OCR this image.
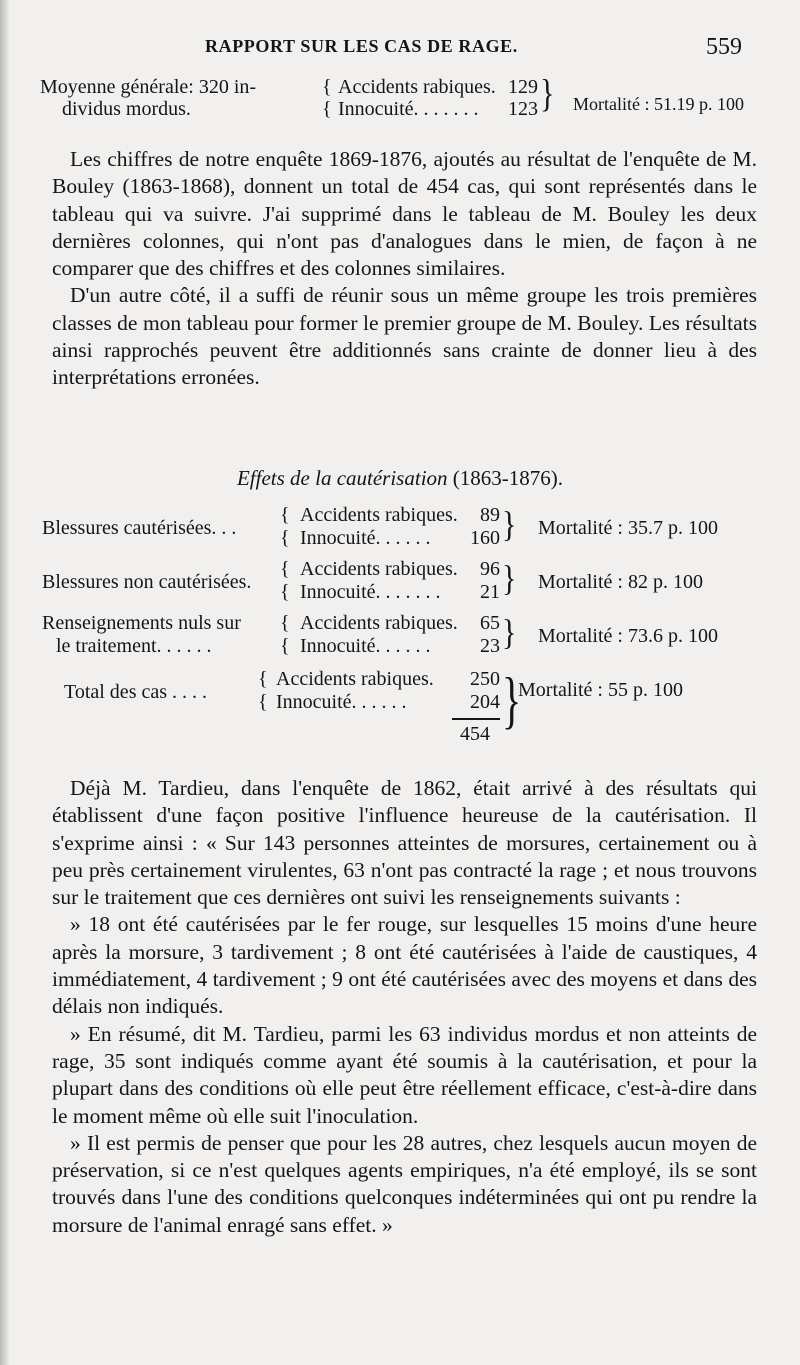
RAPPORT SUR LES CAS DE RAGE.	559
Moyenne générale: 320 in-
dividus mordus.
{
{
Accidents rabiques. 129
Innocuité. . . . . . . 123 } Mortalité : 51.19 p. 100

Les chiffres de notre enquête 1869-1876, ajoutés au résultat de l'enquête de M. Bouley (1863-1868), donnent un total de 454 cas, qui sont représentés dans le tableau qui va suivre. J'ai supprimé dans le tableau de M. Bouley les deux dernières colonnes, qui n'ont pas d'analogues dans le mien, de façon à ne comparer que des chiffres et des colonnes similaires.

D'un autre côté, il a suffi de réunir sous un même groupe les trois premières classes de mon tableau pour former le premier groupe de M. Bouley. Les résultats ainsi rapprochés peuvent être additionnés sans crainte de donner lieu à des interprétations erronées.

Effets de la cautérisation (1863-1876).
Blessures cautérisées. . .
{
{
Accidents rabiques. 89
Innocuité. . . . . . 160 } Mortalité : 35.7 p. 100
Blessures non cautérisées.
{
{
Accidents rabiques. 96
Innocuité. . . . . . . 21 } Mortalité : 82 p. 100
Renseignements nuls sur
le traitement. . . . . .
{
{
Accidents rabiques. 65
Innocuité. . . . . . 23 } Mortalité : 73.6 p. 100
Total des cas . . . .
{
{
Accidents rabiques. 250
Innocuité. . . . . .	204
454 }
Mortalité : 55 p. 100

Déjà M. Tardieu, dans l'enquête de 1862, était arrivé à des résultats qui établissent d'une façon positive l'influence heureuse de la cautérisation. Il s'exprime ainsi : « Sur 143 personnes atteintes de morsures, certainement ou à peu près certainement virulentes, 63 n'ont pas contracté la rage ; et nous trouvons sur le traitement que ces dernières ont suivi les renseignements suivants :

» 18 ont été cautérisées par le fer rouge, sur lesquelles 15 moins d'une heure après la morsure, 3 tardivement ; 8 ont été cautérisées à l'aide de caustiques, 4 immédiatement, 4 tardivement ; 9 ont été cautérisées avec des moyens et dans des délais non indiqués.

» En résumé, dit M. Tardieu, parmi les 63 individus mordus et non atteints de rage, 35 sont indiqués comme ayant été soumis à la cautérisation, et pour la plupart dans des conditions où elle peut être réellement efficace, c'est-à-dire dans le moment même où elle suit l'inoculation.

» Il est permis de penser que pour les 28 autres, chez lesquels aucun moyen de préservation, si ce n'est quelques agents empiriques, n'a été employé, ils se sont trouvés dans l'une des conditions quelconques indéterminées qui ont pu rendre la morsure de l'animal enragé sans effet. »
